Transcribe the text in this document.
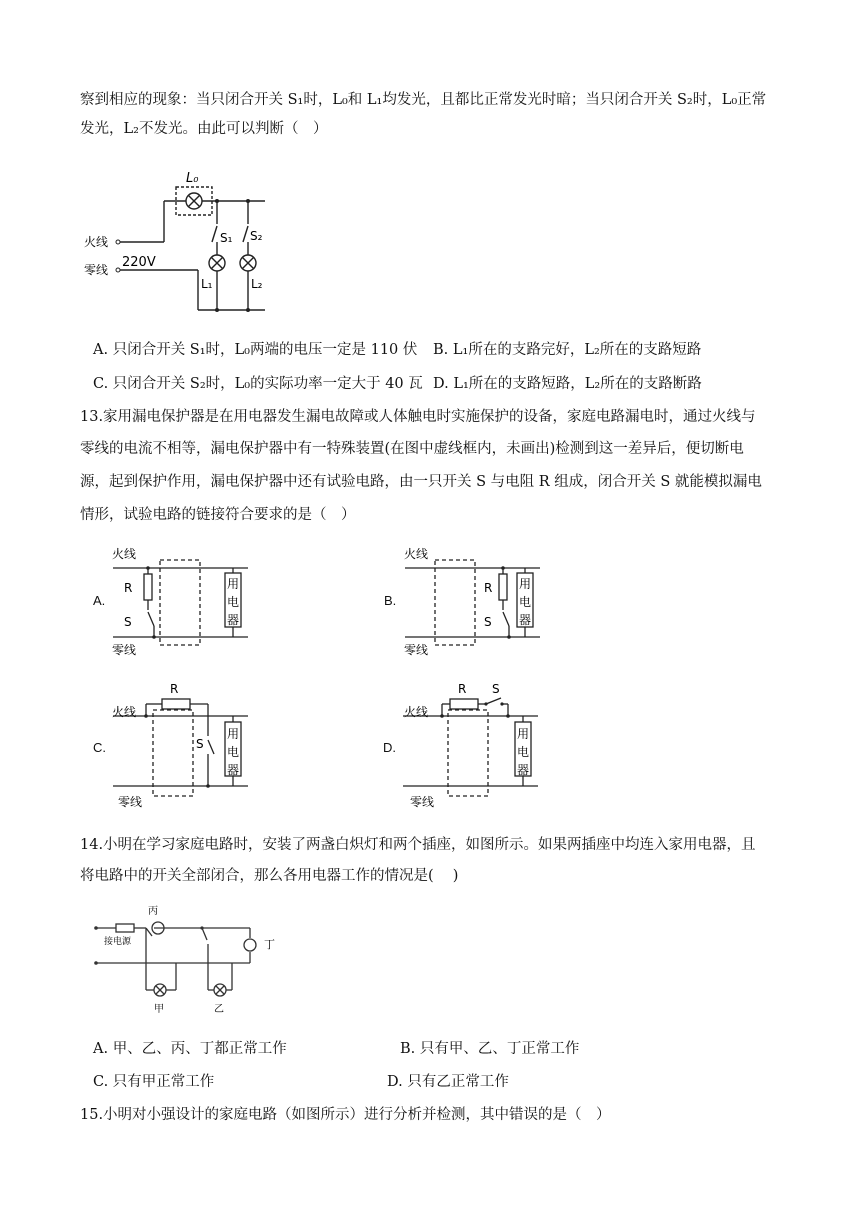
察到相应的现象：当只闭合开关 S₁时，L₀和 L₁均发光，且都比正常发光时暗；当只闭合开关 S₂时，L₀正常
发光，L₂不发光。由此可以判断（　）
L₀
S₁ S₂
L₁	L₂
火线
零线 220V
A. 只闭合开关 S₁时，L₀两端的电压一定是 110 伏 B. L₁所在的支路完好，L₂所在的支路短路
C. 只闭合开关 S₂时，L₀的实际功率一定大于 40 瓦 D. L₁所在的支路短路，L₂所在的支路断路
13.家用漏电保护器是在用电器发生漏电故障或人体触电时实施保护的设备，家庭电路漏电时，通过火线与
零线的电流不相等，漏电保护器中有一特殊装置(在图中虚线框内，未画出)检测到这一差异后，便切断电
源，起到保护作用，漏电保护器中还有试验电路，由一只开关 S 与电阻 R 组成，闭合开关 S 就能模拟漏电
情形，试验电路的链接符合要求的是（　）
A.
火线
零线
R
S
用
电
器
B.
火线
零线
R
S
用
电
器
C.
R
火线
零线
S
用
电
器
D.
R S
火线
零线
用
电
器
14.小明在学习家庭电路时，安装了两盏白炽灯和两个插座，如图所示。如果两插座中均连入家用电器，且
将电路中的开关全部闭合，那么各用电器工作的情况是(　 )
丙
丁
甲	乙
接电源
A. 甲、乙、丙、丁都正常工作	B. 只有甲、乙、丁正常工作
C. 只有甲正常工作	D. 只有乙正常工作
15.小明对小强设计的家庭电路（如图所示）进行分析并检测，其中错误的是（　）
